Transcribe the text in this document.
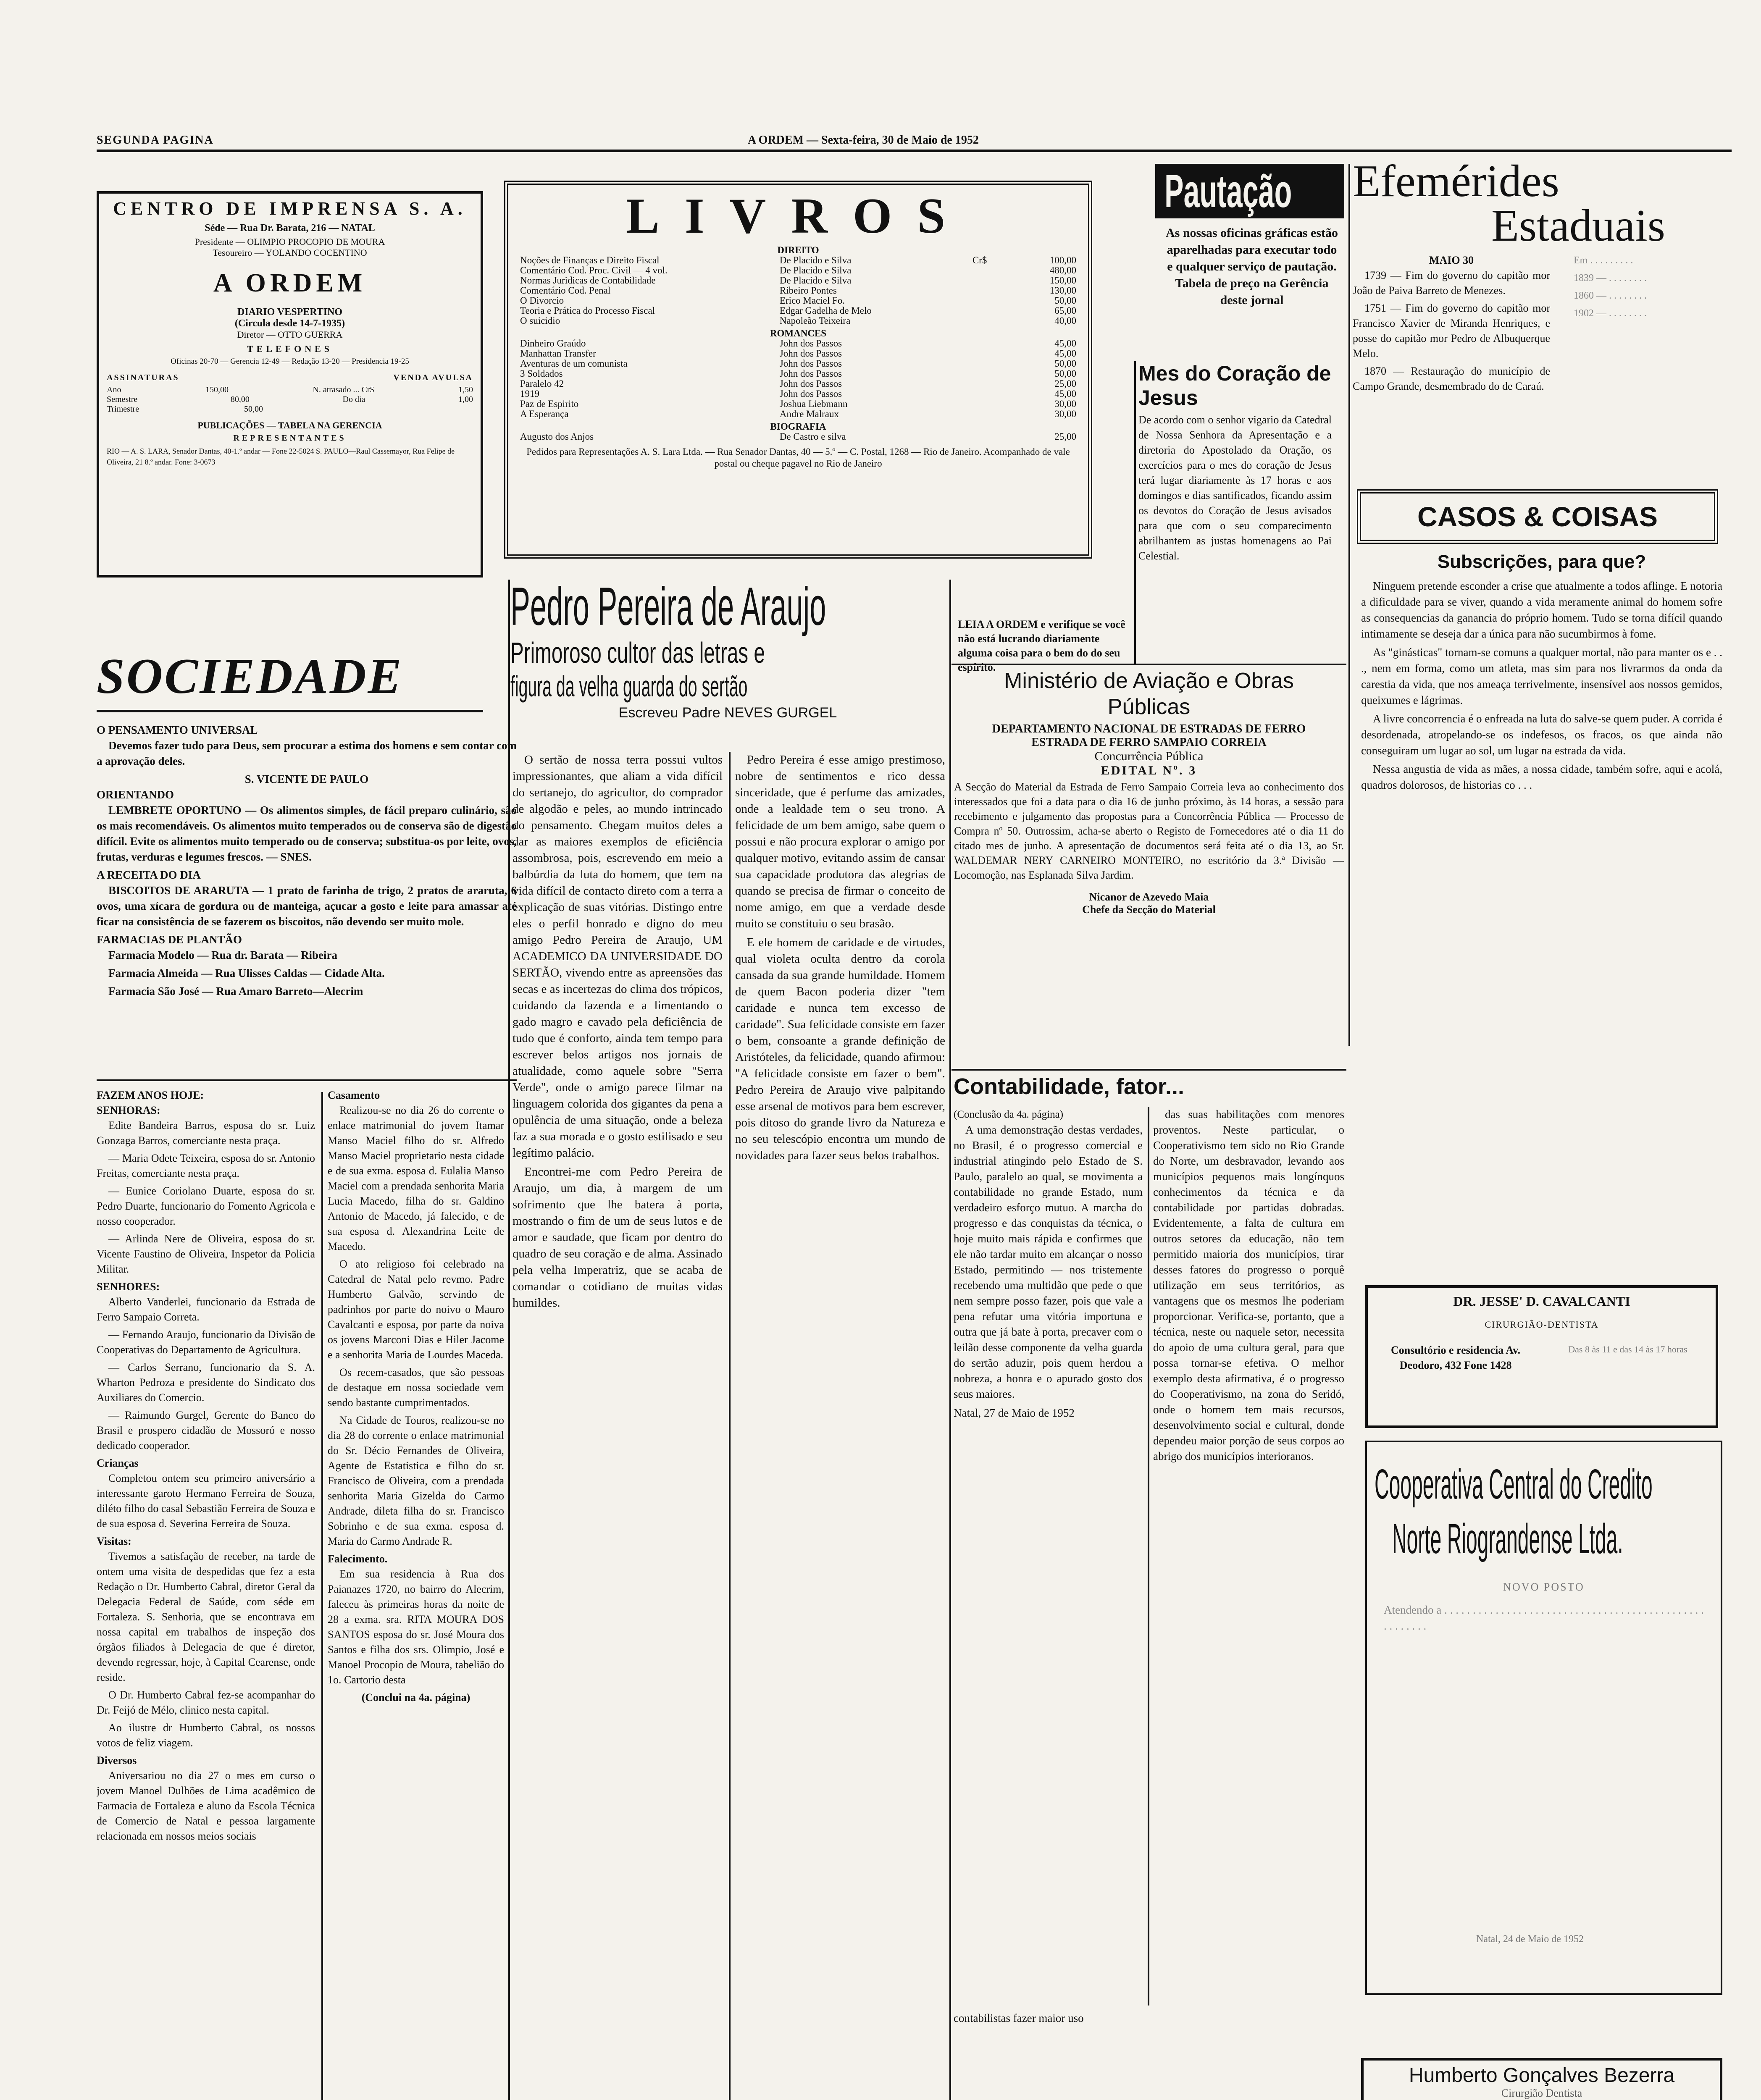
SEGUNDA PAGINA	A ORDEM — Sexta-feira, 30 de Maio de 1952
CENTRO DE IMPRENSA S. A.
Séde — Rua Dr. Barata, 216 — NATAL
Presidente — OLIMPIO PROCOPIO DE MOURA
Tesoureiro — YOLANDO COCENTINO
A ORDEM
DIARIO VESPERTINO
(Circula desde 14-7-1935)
Diretor — OTTO GUERRA
TELEFONES
Oficinas 20-70 — Gerencia 12-49 — Redação 13-20 — Presidencia 19-25
ASSINATURAS	VENDA AVULSA
Ano	150,00	N. atrasado ... Cr$	1,50
Semestre	80,00	Do dia	1,00
Trimestre	50,00
PUBLICAÇÕES — TABELA NA GERENCIA
REPRESENTANTES
RIO — A. S. LARA, Senador Dantas, 40-1.º andar — Fone 22-5024 S. PAULO—Raul Cassemayor, Rua Felipe de Oliveira, 21 8.º andar. Fone: 3-0673
LIVROS
DIREITO
Noções de Finanças e Direito Fiscal	De Placido e Silva	Cr$	100,00
Comentário Cod. Proc. Civil — 4 vol.	De Placido e Silva	480,00
Normas Juridicas de Contabilidade	De Placido e Silva	150,00
Comentário Cod. Penal	Ribeiro Pontes	130,00
O Divorcio	Erico Maciel Fo.	50,00
Teoria e Prática do Processo Fiscal	Edgar Gadelha de Melo	65,00
O suicidio	Napoleão Teixeira	40,00
ROMANCES
Dinheiro Graúdo	John dos Passos	45,00
Manhattan Transfer	John dos Passos	45,00
Aventuras de um comunista	John dos Passos	50,00
3 Soldados	John dos Passos	50,00
Paralelo 42	John dos Passos	25,00
1919	John dos Passos	45,00
Paz de Espirito	Joshua Liebmann	30,00
A Esperança	Andre Malraux	30,00
BIOGRAFIA
Augusto dos Anjos	De Castro e silva	25,00
Pedidos para Representações A. S. Lara Ltda. — Rua Senador Dantas, 40 — 5.º — C. Postal, 1268 — Rio de Janeiro. Acompanhado de vale postal ou cheque pagavel no Rio de Janeiro
Pautação
As nossas oficinas gráficas estão aparelhadas para executar todo e qualquer serviço de pautação. Tabela de preço na Gerência deste jornal
Efemérides
Estaduais
MAIO 30

1739 — Fim do governo do capitão mor João de Paiva Barreto de Menezes.

1751 — Fim do governo do capitão mor Francisco Xavier de Miranda Henriques, e posse do capitão mor Pedro de Albuquerque Melo.

1870 — Restauração do município de Campo Grande, desmembrado do de Caraú.

Em . . . . . . . . .

1839 — . . . . . . . .

1860 — . . . . . . . .

1902 — . . . . . . . .

CASOS & COISAS
Subscrições, para que?

Ninguem pretende esconder a crise que atualmente a todos aflinge. E notoria a dificuldade para se viver, quando a vida meramente animal do homem sofre as consequencias da ganancia do próprio homem. Tudo se torna difícil quando intimamente se deseja dar a única para não sucumbirmos à fome.

As "ginásticas" tornam-se comuns a qualquer mortal, não para manter os e . . ., nem em forma, como um atleta, mas sim para nos livrarmos da onda da carestia da vida, que nos ameaça terrivelmente, insensível aos nossos gemidos, queixumes e lágrimas.

A livre concorrencia é o enfreada na luta do salve-se quem puder. A corrida é desordenada, atropelando-se os indefesos, os fracos, os que ainda não conseguiram um lugar ao sol, um lugar na estrada da vida.

Nessa angustia de vida as mães, a nossa cidade, também sofre, aqui e acolá, quadros dolorosos, de historias co . . .

DR. JESSE' D. CAVALCANTI
CIRURGIÃO-DENTISTA
Consultório e residencia Av. Deodoro, 432 Fone 1428
Das 8 às 11 e das 14 às 17 horas
Cooperativa Central do Credito
Norte Riograndense Ltda.
NOVO POSTO
Atendendo a . . . . . . . . . . . . . . . . . . . . . . . . . . . . . . . . . . . . . . . . . . . . . . . . . . . . . .
Natal, 24 de Maio de 1952
Humberto Gonçalves Bezerra
Cirurgião Dentista
SOCIEDADE
O PENSAMENTO UNIVERSAL

Devemos fazer tudo para Deus, sem procurar a estima dos homens e sem contar com a aprovação deles.

S. VICENTE DE PAULO
ORIENTANDO

LEMBRETE OPORTUNO — Os alimentos simples, de fácil preparo culinário, são os mais recomendáveis. Os alimentos muito temperados ou de conserva são de digestão difícil. Evite os alimentos muito temperado ou de conserva; substitua-os por leite, ovos, frutas, verduras e legumes frescos. — SNES.

A RECEITA DO DIA

BISCOITOS DE ARARUTA — 1 prato de farinha de trigo, 2 pratos de araruta, 6 ovos, uma xícara de gordura ou de manteiga, açucar a gosto e leite para amassar até ficar na consistência de se fazerem os biscoitos, não devendo ser muito mole.

FARMACIAS DE PLANTÃO

Farmacia Modelo — Rua dr. Barata — Ribeira

Farmacia Almeida — Rua Ulisses Caldas — Cidade Alta.

Farmacia São José — Rua Amaro Barreto—Alecrim

FAZEM ANOS HOJE:
SENHORAS:

Edite Bandeira Barros, esposa do sr. Luiz Gonzaga Barros, comerciante nesta praça.

— Maria Odete Teixeira, esposa do sr. Antonio Freitas, comerciante nesta praça.

— Eunice Coriolano Duarte, esposa do sr. Pedro Duarte, funcionario do Fomento Agricola e nosso cooperador.

— Arlinda Nere de Oliveira, esposa do sr. Vicente Faustino de Oliveira, Inspetor da Policia Militar.

SENHORES:

Alberto Vanderlei, funcionario da Estrada de Ferro Sampaio Correta.

— Fernando Araujo, funcionario da Divisão de Cooperativas do Departamento de Agricultura.

— Carlos Serrano, funcionario da S. A. Wharton Pedroza e presidente do Sindicato dos Auxiliares do Comercio.

— Raimundo Gurgel, Gerente do Banco do Brasil e prospero cidadão de Mossoró e nosso dedicado cooperador.

Crianças

Completou ontem seu primeiro aniversário a interessante garoto Hermano Ferreira de Souza, diléto filho do casal Sebastião Ferreira de Souza e de sua esposa d. Severina Ferreira de Souza.

Visitas:

Tivemos a satisfação de receber, na tarde de ontem uma visita de despedidas que fez a esta Redação o Dr. Humberto Cabral, diretor Geral da Delegacia Federal de Saúde, com séde em Fortaleza. S. Senhoria, que se encontrava em nossa capital em trabalhos de inspeção dos órgãos filiados à Delegacia de que é diretor, devendo regressar, hoje, à Capital Cearense, onde reside.

O Dr. Humberto Cabral fez-se acompanhar do Dr. Feijó de Mélo, clinico nesta capital.

Ao ilustre dr Humberto Cabral, os nossos votos de feliz viagem.

Diversos

Aniversariou no dia 27 o mes em curso o jovem Manoel Dulhões de Lima acadêmico de Farmacia de Fortaleza e aluno da Escola Técnica de Comercio de Natal e pessoa largamente relacionada em nossos meios sociais

Casamento

Realizou-se no dia 26 do corrente o enlace matrimonial do jovem Itamar Manso Maciel filho do sr. Alfredo Manso Maciel proprietario nesta cidade e de sua exma. esposa d. Eulalia Manso Maciel com a prendada senhorita Maria Lucia Macedo, filha do sr. Galdino Antonio de Macedo, já falecido, e de sua esposa d. Alexandrina Leite de Macedo.

O ato religioso foi celebrado na Catedral de Natal pelo revmo. Padre Humberto Galvão, servindo de padrinhos por parte do noivo o Mauro Cavalcanti e esposa, por parte da noiva os jovens Marconi Dias e Hiler Jacome e a senhorita Maria de Lourdes Maceda.

Os recem-casados, que são pessoas de destaque em nossa sociedade vem sendo bastante cumprimentados.

Na Cidade de Touros, realizou-se no dia 28 do corrente o enlace matrimonial do Sr. Décio Fernandes de Oliveira, Agente de Estatistica e filho do sr. Francisco de Oliveira, com a prendada senhorita Maria Gizelda do Carmo Andrade, dileta filha do sr. Francisco Sobrinho e de sua exma. esposa d. Maria do Carmo Andrade R.

Falecimento.

Em sua residencia à Rua dos Paianazes 1720, no bairro do Alecrim, faleceu às primeiras horas da noite de 28 a exma. sra. RITA MOURA DOS SANTOS esposa do sr. José Moura dos Santos e filha dos srs. Olimpio, José e Manoel Procopio de Moura, tabelião do 1o. Cartorio desta

(Conclui na 4a. página)
Pedro Pereira de Araujo
Primoroso cultor das letras e
figura da velha guarda do sertão
Escreveu Padre NEVES GURGEL

O sertão de nossa terra possui vultos impressionantes, que aliam a vida difícil do sertanejo, do agricultor, do comprador de algodão e peles, ao mundo intrincado do pensamento. Chegam muitos deles a dar as maiores exemplos de eficiência assombrosa, pois, escrevendo em meio a balbúrdia da luta do homem, que tem na vida difícil de contacto direto com a terra a explicação de suas vitórias. Distingo entre eles o perfil honrado e digno do meu amigo Pedro Pereira de Araujo, UM ACADEMICO DA UNIVERSIDADE DO SERTÃO, vivendo entre as apreensões das secas e as incertezas do clima dos trópicos, cuidando da fazenda e a limentando o gado magro e cavado pela deficiência de tudo que é conforto, ainda tem tempo para escrever belos artigos nos jornais de atualidade, como aquele sobre "Serra Verde", onde o amigo parece filmar na linguagem colorida dos gigantes da pena a opulência de uma situação, onde a beleza faz a sua morada e o gosto estilisado e seu legítimo palácio.

Encontrei-me com Pedro Pereira de Araujo, um dia, à margem de um sofrimento que lhe batera à porta, mostrando o fim de um de seus lutos e de amor e saudade, que ficam por dentro do quadro de seu coração e de alma. Assinado pela velha Imperatriz, que se acaba de comandar o cotidiano de muitas vidas humildes.

Pedro Pereira é esse amigo prestimoso, nobre de sentimentos e rico dessa sinceridade, que é perfume das amizades, onde a lealdade tem o seu trono. A felicidade de um bem amigo, sabe quem o possui e não procura explorar o amigo por qualquer motivo, evitando assim de cansar sua capacidade produtora das alegrias de quando se precisa de firmar o conceito de nome amigo, em que a verdade desde muito se constituiu o seu brasão.

E ele homem de caridade e de virtudes, qual violeta oculta dentro da corola cansada da sua grande humildade. Homem de quem Bacon poderia dizer "tem caridade e nunca tem excesso de caridade". Sua felicidade consiste em fazer o bem, consoante a grande definição de Aristóteles, da felicidade, quando afirmou: "A felicidade consiste em fazer o bem". Pedro Pereira de Araujo vive palpitando esse arsenal de motivos para bem escrever, pois ditoso do grande livro da Natureza e no seu telescópio encontra um mundo de novidades para fazer seus belos trabalhos.

LEIA A ORDEM e verifique se você não está lucrando diariamente alguma coisa para o bem do do seu espírito.
Mes do Coração de Jesus
De acordo com o senhor vigario da Catedral de Nossa Senhora da Apresentação e a diretoria do Apostolado da Oração, os exercícios para o mes do coração de Jesus terá lugar diariamente às 17 horas e aos domingos e dias santificados, ficando assim os devotos do Coração de Jesus avisados para que com o seu comparecimento abrilhantem as justas homenagens ao Pai Celestial.
Ministério de Aviação e Obras
Públicas
DEPARTAMENTO NACIONAL DE ESTRADAS DE FERRO
ESTRADA DE FERRO SAMPAIO CORREIA
Concurrência Pública
EDITAL Nº. 3
A Secção do Material da Estrada de Ferro Sampaio Correia leva ao conhecimento dos interessados que foi a data para o dia 16 de junho próximo, às 14 horas, a sessão para recebimento e julgamento das propostas para a Concorrência Pública — Processo de Compra nº 50. Outrossim, acha-se aberto o Registo de Fornecedores até o dia 11 do citado mes de junho. A apresentação de documentos será feita até o dia 13, ao Sr. WALDEMAR NERY CARNEIRO MONTEIRO, no escritório da 3.ª Divisão — Locomoção, nas Esplanada Silva Jardim.
Nicanor de Azevedo Maia
Chefe da Secção do Material
Contabilidade, fator...
(Conclusão da 4a. página)

A uma demonstração destas verdades, no Brasil, é o progresso comercial e industrial atingindo pelo Estado de S. Paulo, paralelo ao qual, se movimenta a contabilidade no grande Estado, num verdadeiro esforço mutuo. A marcha do progresso e das conquistas da técnica, o hoje muito mais rápida e confirmes que ele não tardar muito em alcançar o nosso Estado, permitindo — nos tristemente recebendo uma multidão que pede o que nem sempre posso fazer, pois que vale a pena refutar uma vitória importuna e outra que já bate à porta, precaver com o leilão desse componente da velha guarda do sertão aduzir, pois quem herdou a nobreza, a honra e o apurado gosto dos seus maiores.

Natal, 27 de Maio de 1952

das suas habilitações com menores proventos. Neste particular, o Cooperativismo tem sido no Rio Grande do Norte, um desbravador, levando aos municípios pequenos mais longínquos conhecimentos da técnica e da contabilidade por partidas dobradas. Evidentemente, a falta de cultura em outros setores da educação, não tem permitido maioria dos municípios, tirar desses fatores do progresso o porquê utilização em seus territórios, as vantagens que os mesmos lhe poderiam proporcionar. Verifica-se, portanto, que a técnica, neste ou naquele setor, necessita do apoio de uma cultura geral, para que possa tornar-se efetiva. O melhor exemplo desta afirmativa, é o progresso do Cooperativismo, na zona do Seridó, onde o homem tem mais recursos, desenvolvimento social e cultural, donde dependeu maior porção de seus corpos ao abrigo dos municípios interioranos.

contabilistas fazer maior uso
